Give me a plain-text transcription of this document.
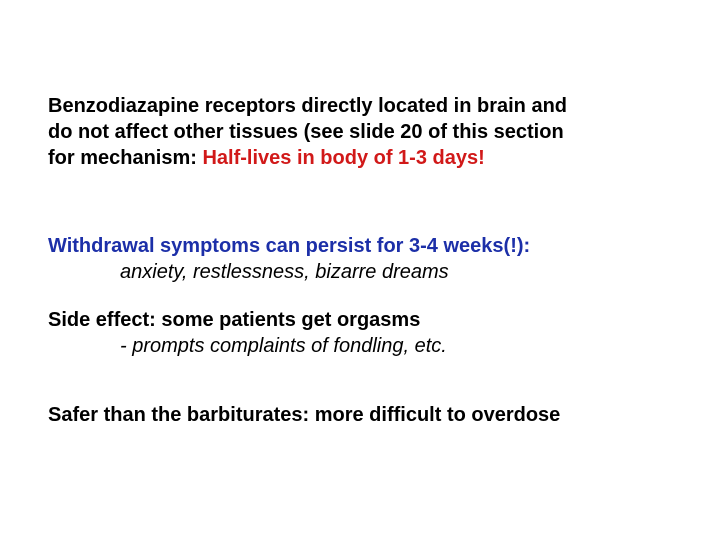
Benzodiazapine receptors directly located in brain and
do not affect other tissues (see slide 20 of this section
for mechanism: Half-lives in body of 1-3 days!
Withdrawal symptoms can persist for 3-4 weeks(!):
anxiety, restlessness, bizarre dreams
Side effect: some patients get orgasms
- prompts complaints of fondling, etc.
Safer than the barbiturates: more difficult to overdose
